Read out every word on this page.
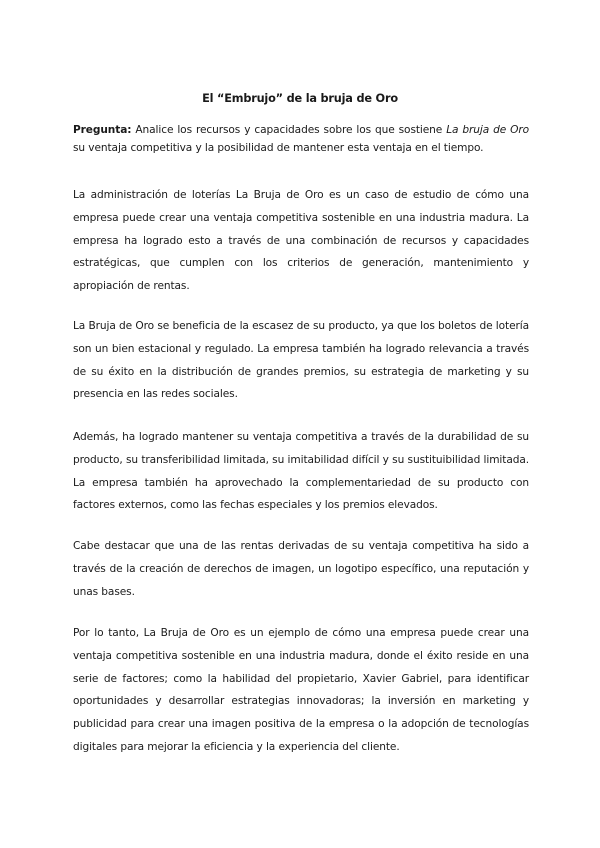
El “Embrujo” de la bruja de Oro
Pregunta: Analice los recursos y capacidades sobre los que sostiene La bruja de Oro su ventaja competitiva y la posibilidad de mantener esta ventaja en el tiempo.

La administración de loterías La Bruja de Oro es un caso de estudio de cómo una empresa puede crear una ventaja competitiva sostenible en una industria madura. La empresa ha logrado esto a través de una combinación de recursos y capacidades estratégicas, que cumplen con los criterios de generación, mantenimiento y apropiación de rentas.

La Bruja de Oro se beneficia de la escasez de su producto, ya que los boletos de lotería son un bien estacional y regulado. La empresa también ha logrado relevancia a través de su éxito en la distribución de grandes premios, su estrategia de marketing y su presencia en las redes sociales.

Además, ha logrado mantener su ventaja competitiva a través de la durabilidad de su producto, su transferibilidad limitada, su imitabilidad difícil y su sustituibilidad limitada. La empresa también ha aprovechado la complementariedad de su producto con factores externos, como las fechas especiales y los premios elevados.

Cabe destacar que una de las rentas derivadas de su ventaja competitiva ha sido a través de la creación de derechos de imagen, un logotipo específico, una reputación y unas bases.

Por lo tanto, La Bruja de Oro es un ejemplo de cómo una empresa puede crear una ventaja competitiva sostenible en una industria madura, donde el éxito reside en una serie de factores; como la habilidad del propietario, Xavier Gabriel, para identificar oportunidades y desarrollar estrategias innovadoras; la inversión en marketing y publicidad para crear una imagen positiva de la empresa o la adopción de tecnologías digitales para mejorar la eficiencia y la experiencia del cliente.
